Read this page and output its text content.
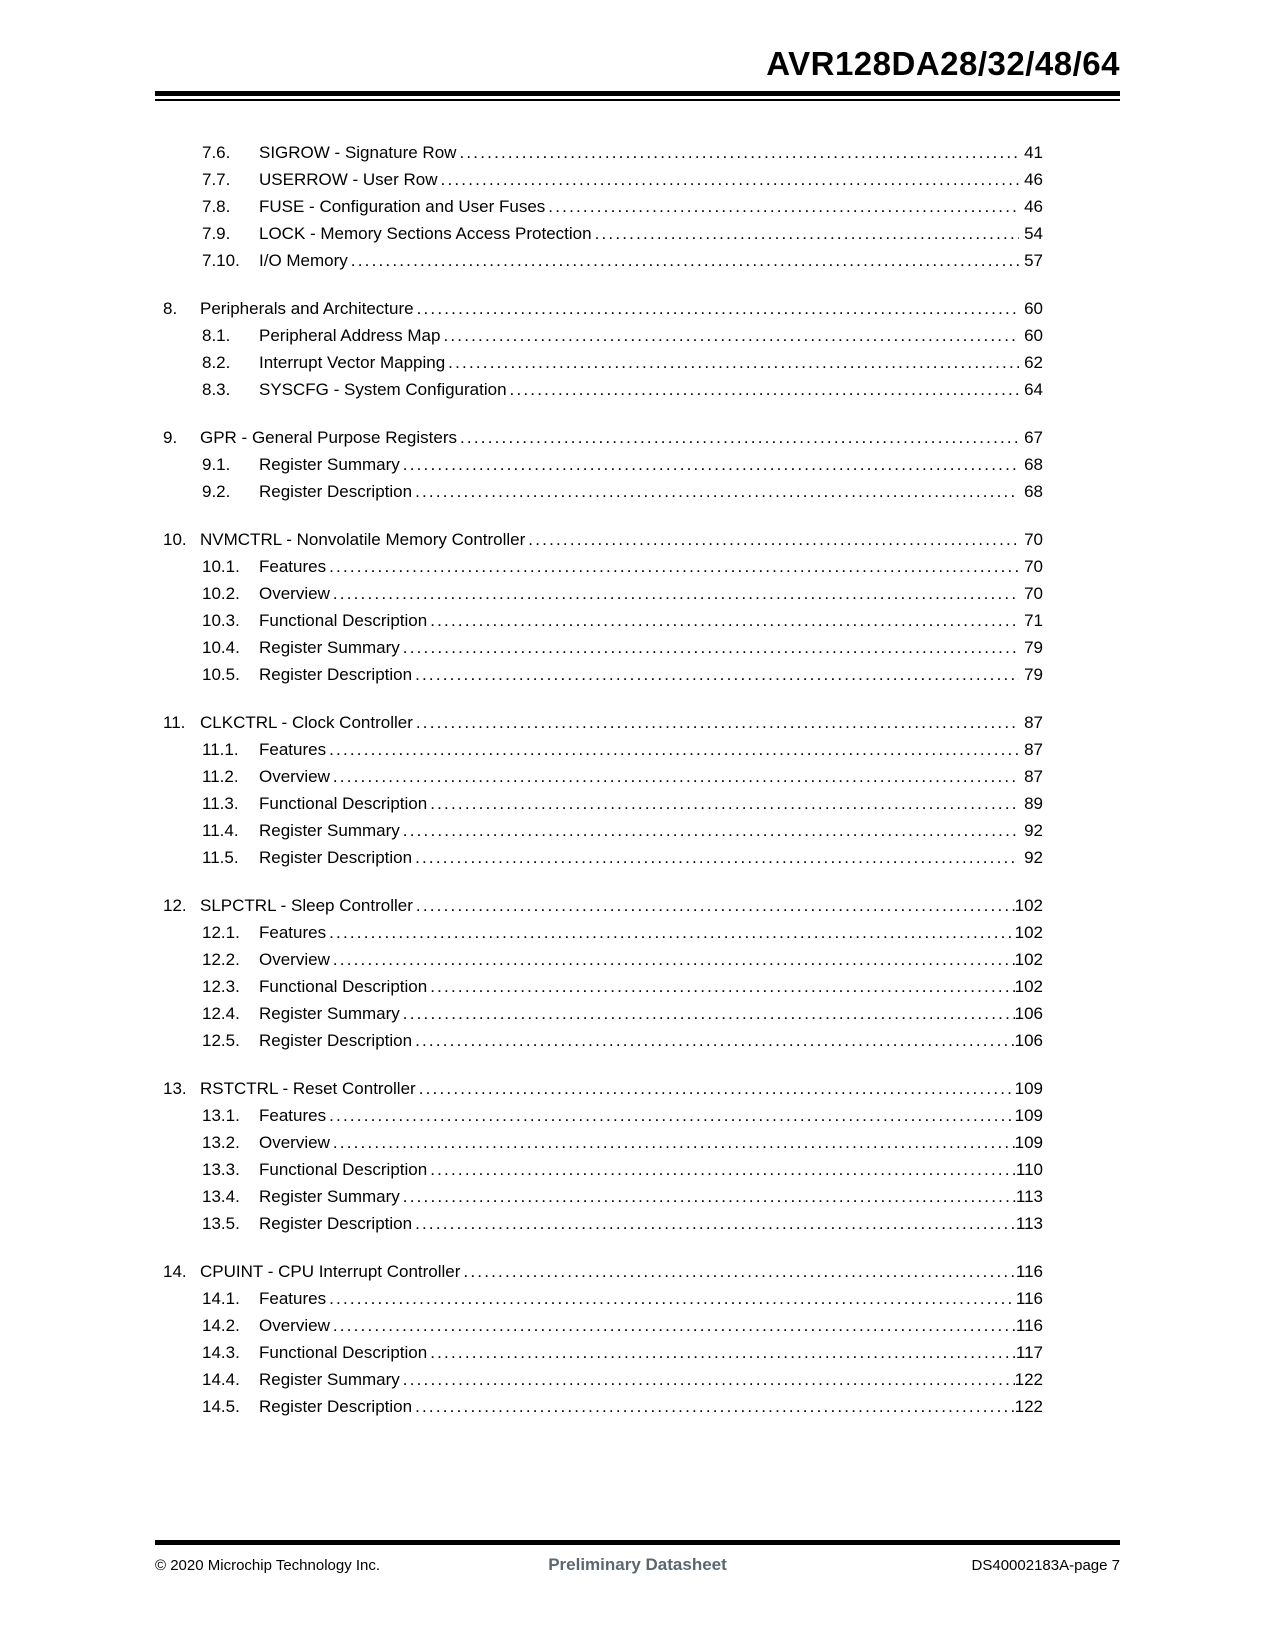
AVR128DA28/32/48/64
7.6.	SIGROW - Signature Row .....	41
7.7.	USERROW - User Row .....	46
7.8.	FUSE - Configuration and User Fuses .....	46
7.9.	LOCK - Memory Sections Access Protection .....	54
7.10.	I/O Memory .....	57
8.	Peripherals and Architecture .....	60
8.1.	Peripheral Address Map .....	60
8.2.	Interrupt Vector Mapping .....	62
8.3.	SYSCFG - System Configuration .....	64
9.	GPR - General Purpose Registers .....	67
9.1.	Register Summary .....	68
9.2.	Register Description .....	68
10. NVMCTRL - Nonvolatile Memory Controller .....	70
10.1.	Features .....	70
10.2.	Overview .....	70
10.3.	Functional Description .....	71
10.4.	Register Summary .....	79
10.5.	Register Description .....	79
11. CLKCTRL - Clock Controller .....	87
11.1.	Features .....	87
11.2.	Overview .....	87
11.3.	Functional Description .....	89
11.4.	Register Summary .....	92
11.5.	Register Description .....	92
12. SLPCTRL - Sleep Controller .....	102
12.1.	Features .....	102
12.2.	Overview .....	102
12.3.	Functional Description .....	102
12.4.	Register Summary .....	106
12.5.	Register Description .....	106
13. RSTCTRL - Reset Controller .....	109
13.1.	Features .....	109
13.2.	Overview .....	109
13.3.	Functional Description .....	110
13.4.	Register Summary .....	113
13.5.	Register Description .....	113
14. CPUINT - CPU Interrupt Controller .....	116
14.1.	Features .....	116
14.2.	Overview .....	116
14.3.	Functional Description .....	117
14.4.	Register Summary .....	122
14.5.	Register Description .....	122
© 2020 Microchip Technology Inc.	Preliminary Datasheet	DS40002183A-page 7
